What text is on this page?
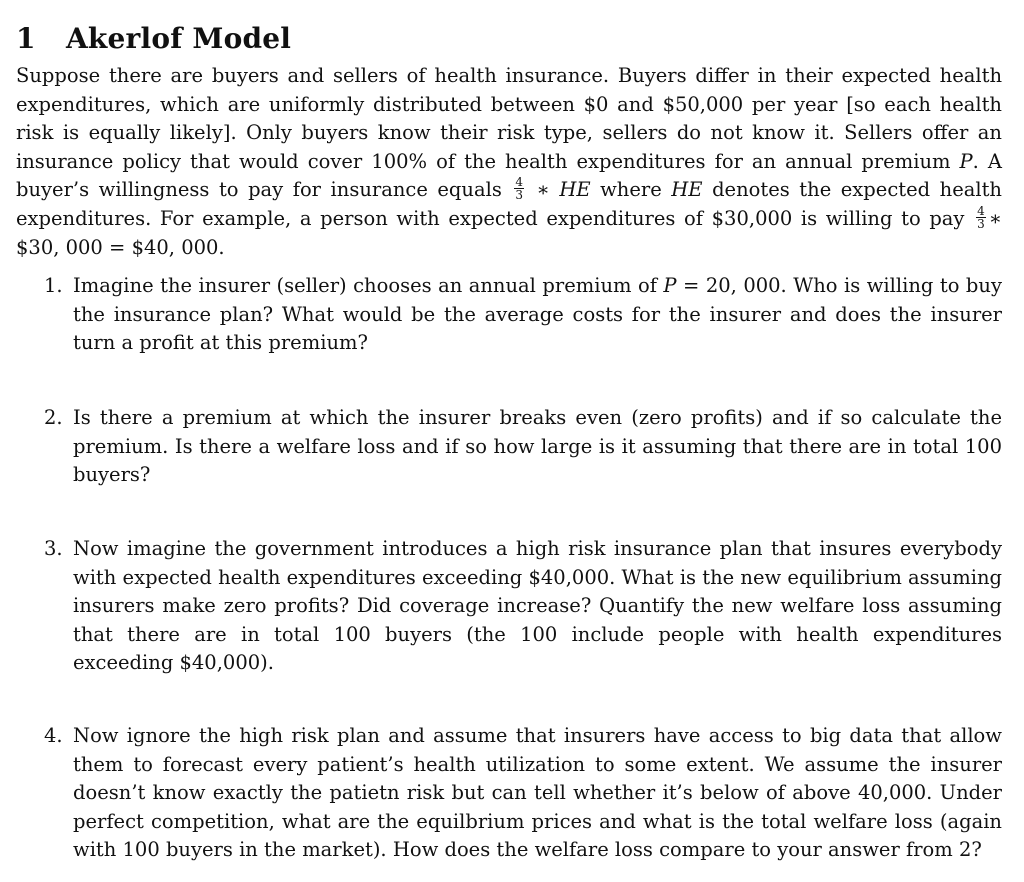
1 Akerlof Model

Suppose there are buyers and sellers of health insurance. Buyers differ in their expected health expenditures, which are uniformly distributed between $0 and $50,000 per year [so each health risk is equally likely]. Only buyers know their risk type, sellers do not know it. Sellers offer an insurance policy that would cover 100% of the health expenditures for an annual premium P. A buyer’s willingness to pay for insurance equals $\frac{4}{3}$ ∗ HE where HE denotes the expected health expenditures. For example, a person with expected expenditures of $30,000 is willing to pay $\frac{4}{3}$ ∗ $30, 000 = $40, 000.

1. Imagine the insurer (seller) chooses an annual premium of P = 20, 000. Who is willing to buy the insurance plan? What would be the average costs for the insurer and does the insurer turn a profit at this premium?
2. Is there a premium at which the insurer breaks even (zero profits) and if so calculate the premium. Is there a welfare loss and if so how large is it assuming that there are in total 100 buyers?
3. Now imagine the government introduces a high risk insurance plan that insures everybody with expected health expenditures exceeding $40,000. What is the new equilibrium assuming insurers make zero profits? Did coverage increase? Quantify the new welfare loss assuming that there are in total 100 buyers (the 100 include people with health expenditures exceeding $40,000).
4. Now ignore the high risk plan and assume that insurers have access to big data that allow them to forecast every patient’s health utilization to some extent. We assume the insurer doesn’t know exactly the patietn risk but can tell whether it’s below of above 40,000. Under perfect competition, what are the equilbrium prices and what is the total welfare loss (again with 100 buyers in the market). How does the welfare loss compare to your answer from 2?
